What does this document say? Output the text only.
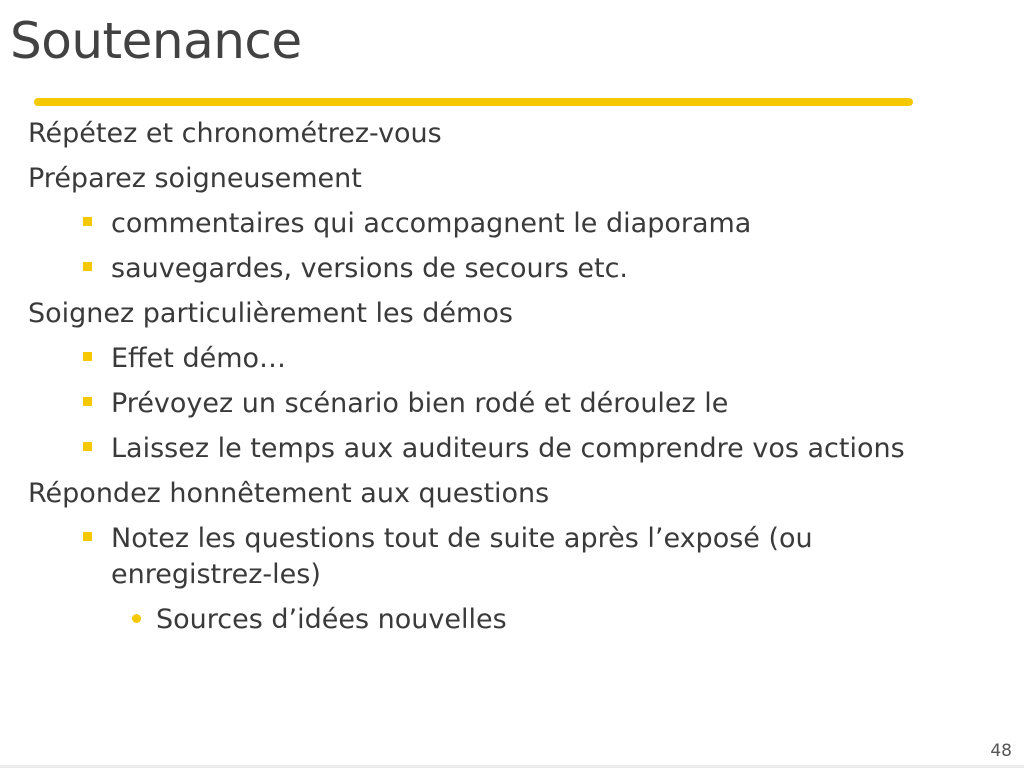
Soutenance
Répétez et chronométrez-vous
Préparez soigneusement
commentaires qui accompagnent le diaporama
sauvegardes, versions de secours etc.
Soignez particulièrement les démos
Effet démo…
Prévoyez un scénario bien rodé et déroulez le
Laissez le temps aux auditeurs de comprendre vos actions
Répondez honnêtement aux questions
Notez les questions tout de suite après l’exposé (ou
enregistrez-les)
Sources d’idées nouvelles
48
